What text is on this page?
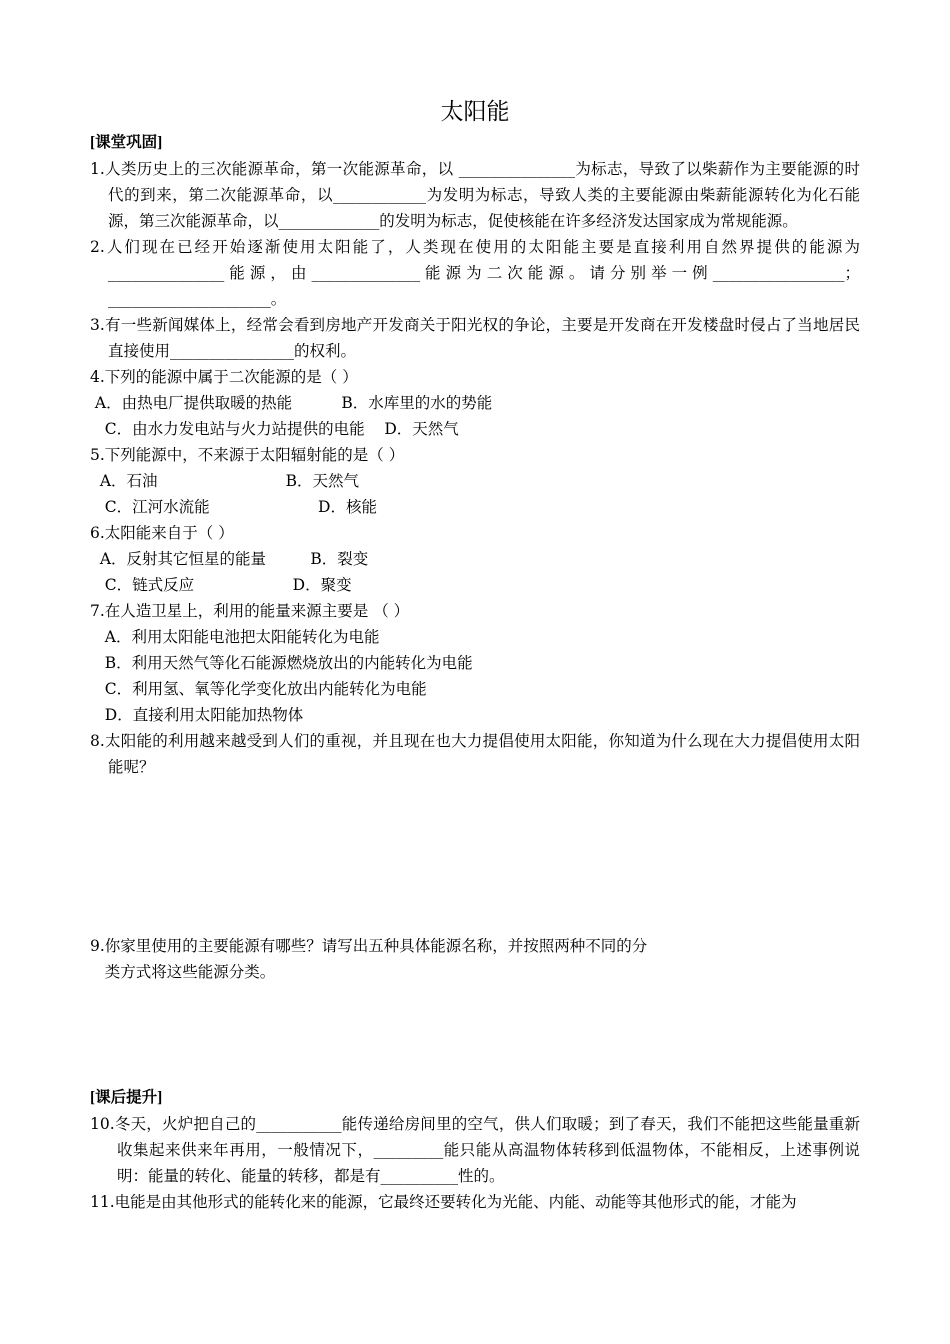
太阳能
[课堂巩固]
1.人类历史上的三次能源革命，第一次能源革命，以 _______________为标志，导致了以柴薪作为主要能源的时代的到来，第二次能源革命，以____________为发明为标志，导致人类的主要能源由柴薪能源转化为化石能源，第三次能源革命，以_____________的发明为标志，促使核能在许多经济发达国家成为常规能源。
2.人们现在已经开始逐渐使用太阳能了，人类现在使用的太阳能主要是直接利用自然界提供的能源为_______________能源，由______________能源为二次能源。请分别举一例_________________；_____________________。
3.有一些新闻媒体上，经常会看到房地产开发商关于阳光权的争论，主要是开发商在开发楼盘时侵占了当地居民直接使用________________的权利。
4.下列的能源中属于二次能源的是（ ）
A．由热电厂提供取暖的热能          B．水库里的水的势能
C．由水力发电站与火力站提供的电能    D．天然气
5.下列能源中，不来源于太阳辐射能的是（ ）
A．石油                          B．天然气
C．江河水流能                      D．核能
6.太阳能来自于（ ）
A．反射其它恒星的能量         B．裂变
C．链式反应                    D．聚变
7.在人造卫星上，利用的能量来源主要是 （ ）
A．利用太阳能电池把太阳能转化为电能
B．利用天然气等化石能源燃烧放出的内能转化为电能
C．利用氢、氧等化学变化放出内能转化为电能
D．直接利用太阳能加热物体
8.太阳能的利用越来越受到人们的重视，并且现在也大力提倡使用太阳能，你知道为什么现在大力提倡使用太阳能呢？
9.你家里使用的主要能源有哪些？请写出五种具体能源名称，并按照两种不同的分
类方式将这些能源分类。
[课后提升]
10.冬天，火炉把自己的___________能传递给房间里的空气，供人们取暖；到了春天，我们不能把这些能量重新收集起来供来年再用，一般情况下，_________能只能从高温物体转移到低温物体，不能相反，上述事例说明：能量的转化、能量的转移，都是有__________性的。
11.电能是由其他形式的能转化来的能源，它最终还要转化为光能、内能、动能等其他形式的能，才能为
